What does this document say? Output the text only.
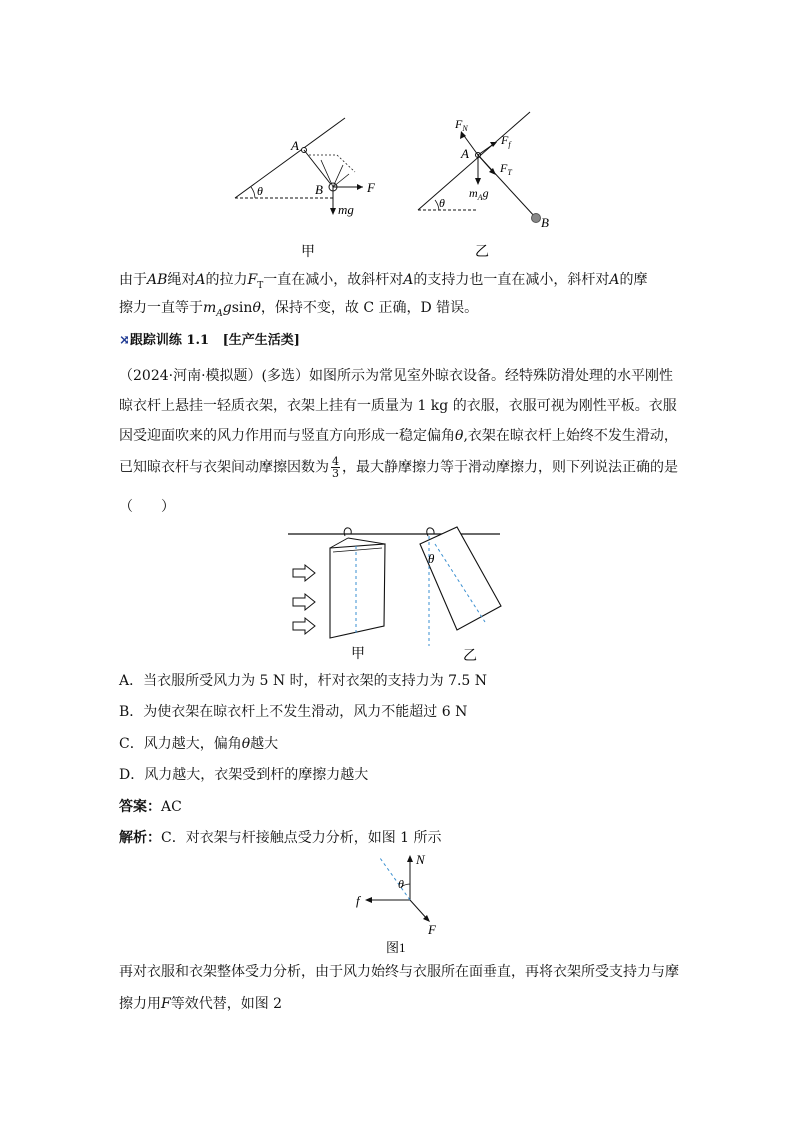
θ
A
B	F
mg
甲
θ
$F_N$
$F_f$
A
$F_T$
$m_Ag$
B
乙
由于AB绳对A的拉力$F_T$一直在减小，故斜杆对A的支持力也一直在减小，斜杆对A的摩
擦力一直等于$m_Agsin\theta$，保持不变，故 C 正确，D 错误。
⤨跟踪训练 1.1 [生产生活类]
（2024·河南·模拟题）(多选）如图所示为常见室外晾衣设备。经特殊防滑处理的水平刚性
晾衣杆上悬挂一轻质衣架，衣架上挂有一质量为 1 kg 的衣服，衣服可视为刚性平板。衣服
因受迎面吹来的风力作用而与竖直方向形成一稳定偏角θ,衣架在晾衣杆上始终不发生滑动，
已知晾衣杆与衣架间动摩擦因数为 $\frac{4}{3}$ ，最大静摩擦力等于滑动摩擦力，则下列说法正确的是
（　　）
θ
甲	乙
A．当衣服所受风力为 5 N 时，杆对衣架的支持力为 7.5 N
B．为使衣架在晾衣杆上不发生滑动，风力不能超过 6 N
C．风力越大，偏角θ越大
D．风力越大，衣架受到杆的摩擦力越大
答案：AC
解析：C．对衣架与杆接触点受力分析，如图 1 所示
N
θ
f
F
图1
再对衣服和衣架整体受力分析，由于风力始终与衣服所在面垂直，再将衣架所受支持力与摩
擦力用F等效代替，如图 2
